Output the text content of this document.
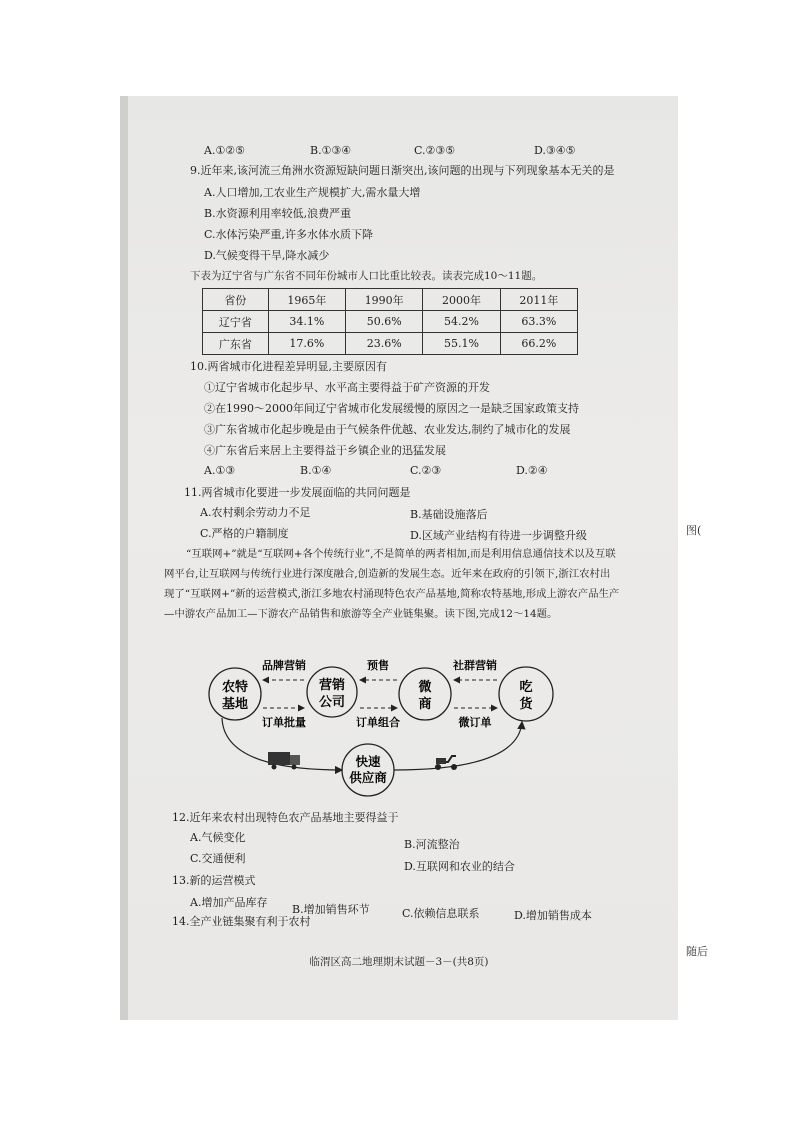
A.①②⑤	B.①③④	C.②③⑤	D.③④⑤
9.近年来,该河流三角洲水资源短缺问题日渐突出,该问题的出现与下列现象基本无关的是
A.人口增加,工农业生产规模扩大,需水量大增
B.水资源利用率较低,浪费严重
C.水体污染严重,许多水体水质下降
D.气候变得干旱,降水减少
下表为辽宁省与广东省不同年份城市人口比重比较表。读表完成10～11题。
省份	1965年	1990年	2000年	2011年
辽宁省	34.1%	50.6%	54.2%	63.3%
广东省	17.6%	23.6%	55.1%	66.2%
10.两省城市化进程差异明显,主要原因有
①辽宁省城市化起步早、水平高主要得益于矿产资源的开发
②在1990～2000年间辽宁省城市化发展缓慢的原因之一是缺乏国家政策支持
③广东省城市化起步晚是由于气候条件优越、农业发达,制约了城市化的发展
④广东省后来居上主要得益于乡镇企业的迅猛发展
A.①③	B.①④	C.②③	D.②④
11.两省城市化要进一步发展面临的共同问题是
A.农村剩余劳动力不足	B.基础设施落后
C.严格的户籍制度	D.区域产业结构有待进一步调整升级
“互联网+”就是“互联网+各个传统行业”,不是简单的两者相加,而是利用信息通信技术以及互联网平台,让互联网与传统行业进行深度融合,创造新的发展生态。近年来在政府的引领下,浙江农村出现了“互联网+”新的运营模式,浙江多地农村涌现特色农产品基地,简称农特基地,形成上游农产品生产—中游农产品加工—下游农产品销售和旅游等全产业链集聚。读下图,完成12～14题。
农特
基地
营销
公司
微
商
吃
货
快速
供应商
品牌营销	预售	社群营销
订单批量	订单组合	微订单
12.近年来农村出现特色农产品基地主要得益于
A.气候变化
B.河流整治
C.交通便利
D.互联网和农业的结合
13.新的运营模式
A.增加产品库存
B.增加销售环节	C.依赖信息联系	D.增加销售成本
14.全产业链集聚有利于农村
临渭区高二地理期末试题－3－(共8页)
图(
随后
